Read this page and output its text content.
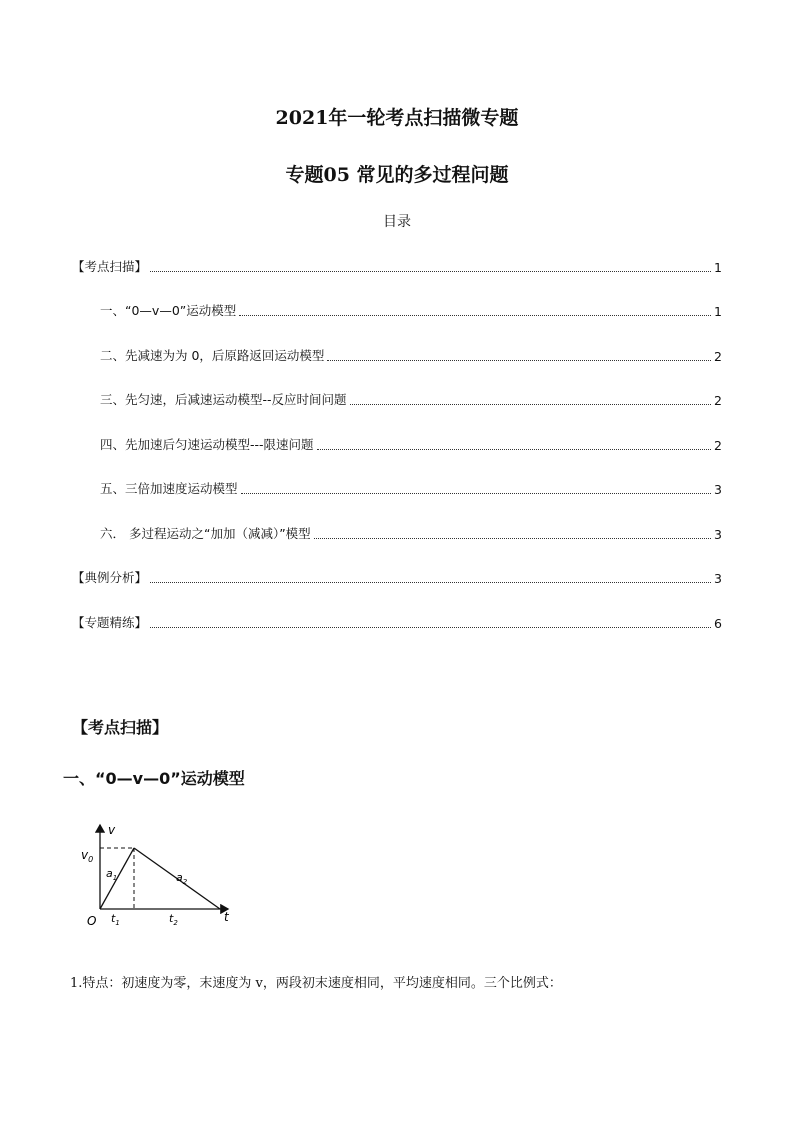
2021年一轮考点扫描微专题
专题05 常见的多过程问题
目录
【考点扫描】	1
一、“0—v—0”运动模型	1
二、先减速为为 0，后原路返回运动模型	2
三、先匀速，后减速运动模型--反应时间问题	2
四、先加速后匀速运动模型---限速问题	2
五、三倍加速度运动模型	3
六． 多过程运动之“加加（减减）”模型	3
【典例分析】	3
【专题精练】	6
【考点扫描】
一、“0—v—0”运动模型
v
t
O
$v_0$
$a_1$	$a_2$
$t_1$	$t_2$
1.特点：初速度为零，末速度为 v，两段初末速度相同，平均速度相同。三个比例式：
